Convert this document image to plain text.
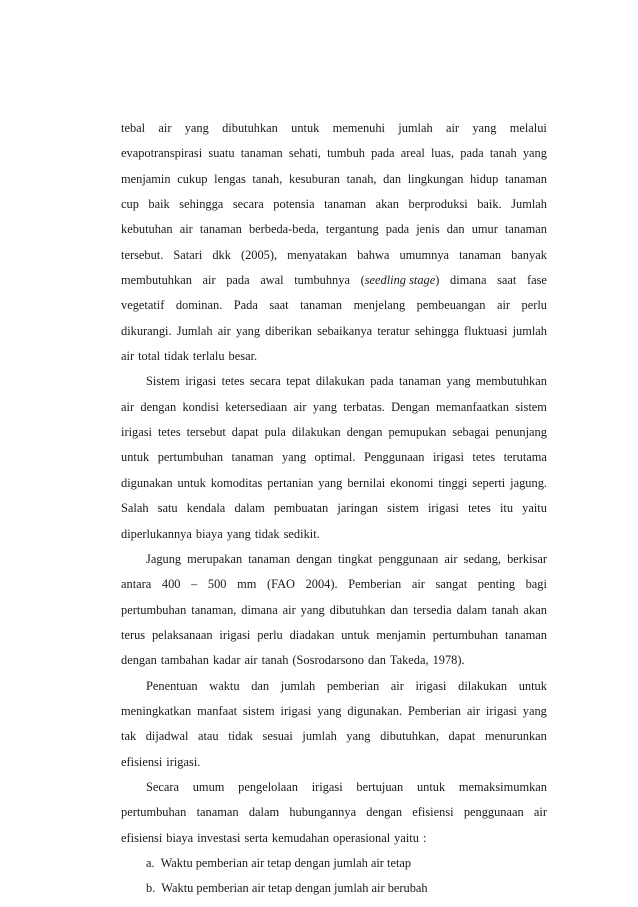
tebal air yang dibutuhkan untuk memenuhi jumlah air yang melalui
evapotranspirasi suatu tanaman sehati, tumbuh pada areal luas, pada tanah yang
menjamin cukup lengas tanah, kesuburan tanah, dan lingkungan hidup tanaman
cup baik sehingga secara potensia tanaman akan berproduksi baik. Jumlah
kebutuhan air tanaman berbeda-beda, tergantung pada jenis dan umur tanaman
tersebut. Satari dkk (2005), menyatakan bahwa umumnya tanaman banyak
membutuhkan air pada awal tumbuhnya (seedling stage) dimana saat fase
vegetatif dominan. Pada saat tanaman menjelang pembeuangan air perlu
dikurangi. Jumlah air yang diberikan sebaikanya teratur sehingga fluktuasi jumlah
air total tidak terlalu besar.
Sistem irigasi tetes secara tepat dilakukan pada tanaman yang membutuhkan
air dengan kondisi ketersediaan air yang terbatas. Dengan memanfaatkan sistem
irigasi tetes tersebut dapat pula dilakukan dengan pemupukan sebagai penunjang
untuk pertumbuhan tanaman yang optimal. Penggunaan irigasi tetes terutama
digunakan untuk komoditas pertanian yang bernilai ekonomi tinggi seperti jagung.
Salah satu kendala dalam pembuatan jaringan sistem irigasi tetes itu yaitu
diperlukannya biaya yang tidak sedikit.
Jagung merupakan tanaman dengan tingkat penggunaan air sedang, berkisar
antara 400 – 500 mm (FAO 2004). Pemberian air sangat penting bagi
pertumbuhan tanaman, dimana air yang dibutuhkan dan tersedia dalam tanah akan
terus pelaksanaan irigasi perlu diadakan untuk menjamin pertumbuhan tanaman
dengan tambahan kadar air tanah (Sosrodarsono dan Takeda, 1978).
Penentuan waktu dan jumlah pemberian air irigasi dilakukan untuk
meningkatkan manfaat sistem irigasi yang digunakan. Pemberian air irigasi yang
tak dijadwal atau tidak sesuai jumlah yang dibutuhkan, dapat menurunkan
efisiensi irigasi.
Secara umum pengelolaan irigasi bertujuan untuk memaksimumkan
pertumbuhan tanaman dalam hubungannya dengan efisiensi penggunaan air
efisiensi biaya investasi serta kemudahan operasional yaitu :
a. Waktu pemberian air tetap dengan jumlah air tetap
b. Waktu pemberian air tetap dengan jumlah air berubah
